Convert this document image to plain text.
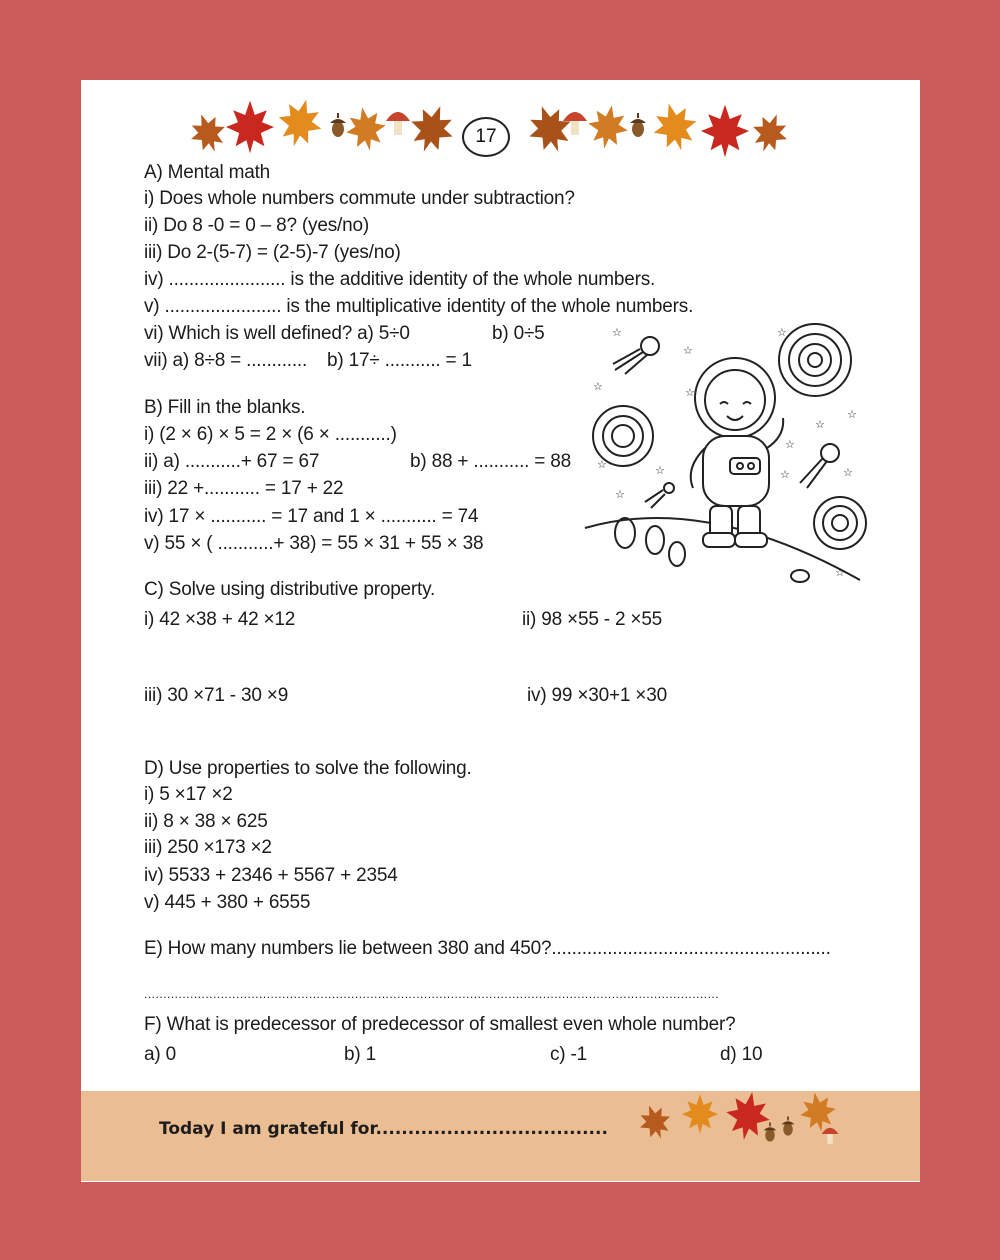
17
A) Mental math
i) Does whole numbers commute under subtraction?
ii) Do 8 -0 = 0 – 8? (yes/no)
iii) Do 2-(5-7) = (2-5)-7 (yes/no)
iv) ....................... is the additive identity of the whole numbers.
v) ....................... is the multiplicative identity of the whole numbers.
vi) Which is well defined? a) 5÷0	b) 0÷5
vii) a) 8÷8 = ............ b) 17÷ ........... = 1
B) Fill in the blanks.
i) (2 × 6) × 5 = 2 × (6 × ...........)
ii) a) ...........+ 67 = 67	b) 88 + ........... = 88
iii) 22 +........... = 17 + 22
iv) 17 × ........... = 17 and 1 × ........... = 74
v) 55 × ( ...........+ 38) = 55 × 31 + 55 × 38
☆
☆
☆
☆	☆
☆
☆
☆
☆
☆	☆
☆
☆
☆
C) Solve using distributive property.
i) 42 ×38 + 42 ×12	ii) 98 ×55 - 2 ×55
iii) 30 ×71 - 30 ×9	iv) 99 ×30+1 ×30
D) Use properties to solve the following.
i) 5 ×17 ×2
ii) 8 × 38 × 625
iii) 250 ×173 ×2
iv) 5533 + 2346 + 5567 + 2354
v) 445 + 380 + 6555
E) How many numbers lie between 380 and 450?.......................................................
......................................................................................................................................................
F) What is predecessor of predecessor of smallest even whole number?
a) 0	b) 1	c) -1	d) 10
Today I am grateful for....................................
